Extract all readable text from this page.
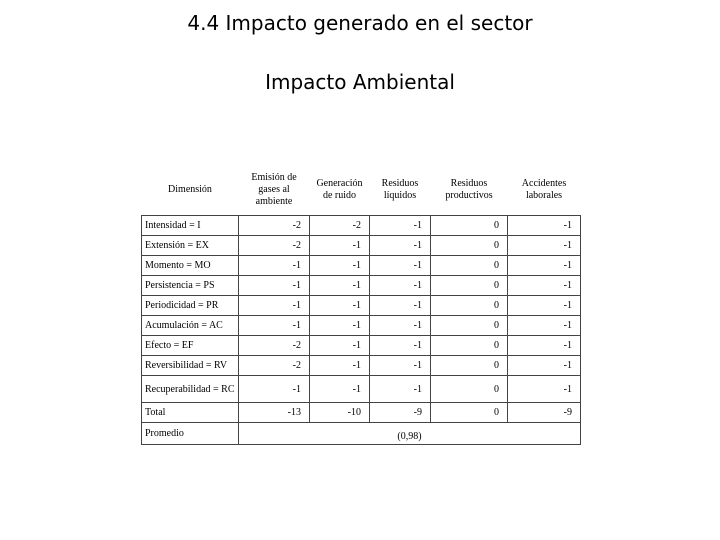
4.4 Impacto generado en el sector
Impacto Ambiental
Dimensión	Emisión de gases al ambiente	Generación de ruido	Residuos líquidos	Residuos productivos	Accidentes laborales
Intensidad = I	-2	-2	-1	0	-1
Extensión = EX	-2	-1	-1	0	-1
Momento = MO	-1	-1	-1	0	-1
Persistencia = PS	-1	-1	-1	0	-1
Periodicidad = PR	-1	-1	-1	0	-1
Acumulación = AC	-1	-1	-1	0	-1
Efecto = EF	-2	-1	-1	0	-1
Reversibilidad = RV	-2	-1	-1	0	-1
Recuperabilidad = RC	-1	-1	-1	0	-1
Total	-13	-10	-9	0	-9
Promedio	(0,98)				
